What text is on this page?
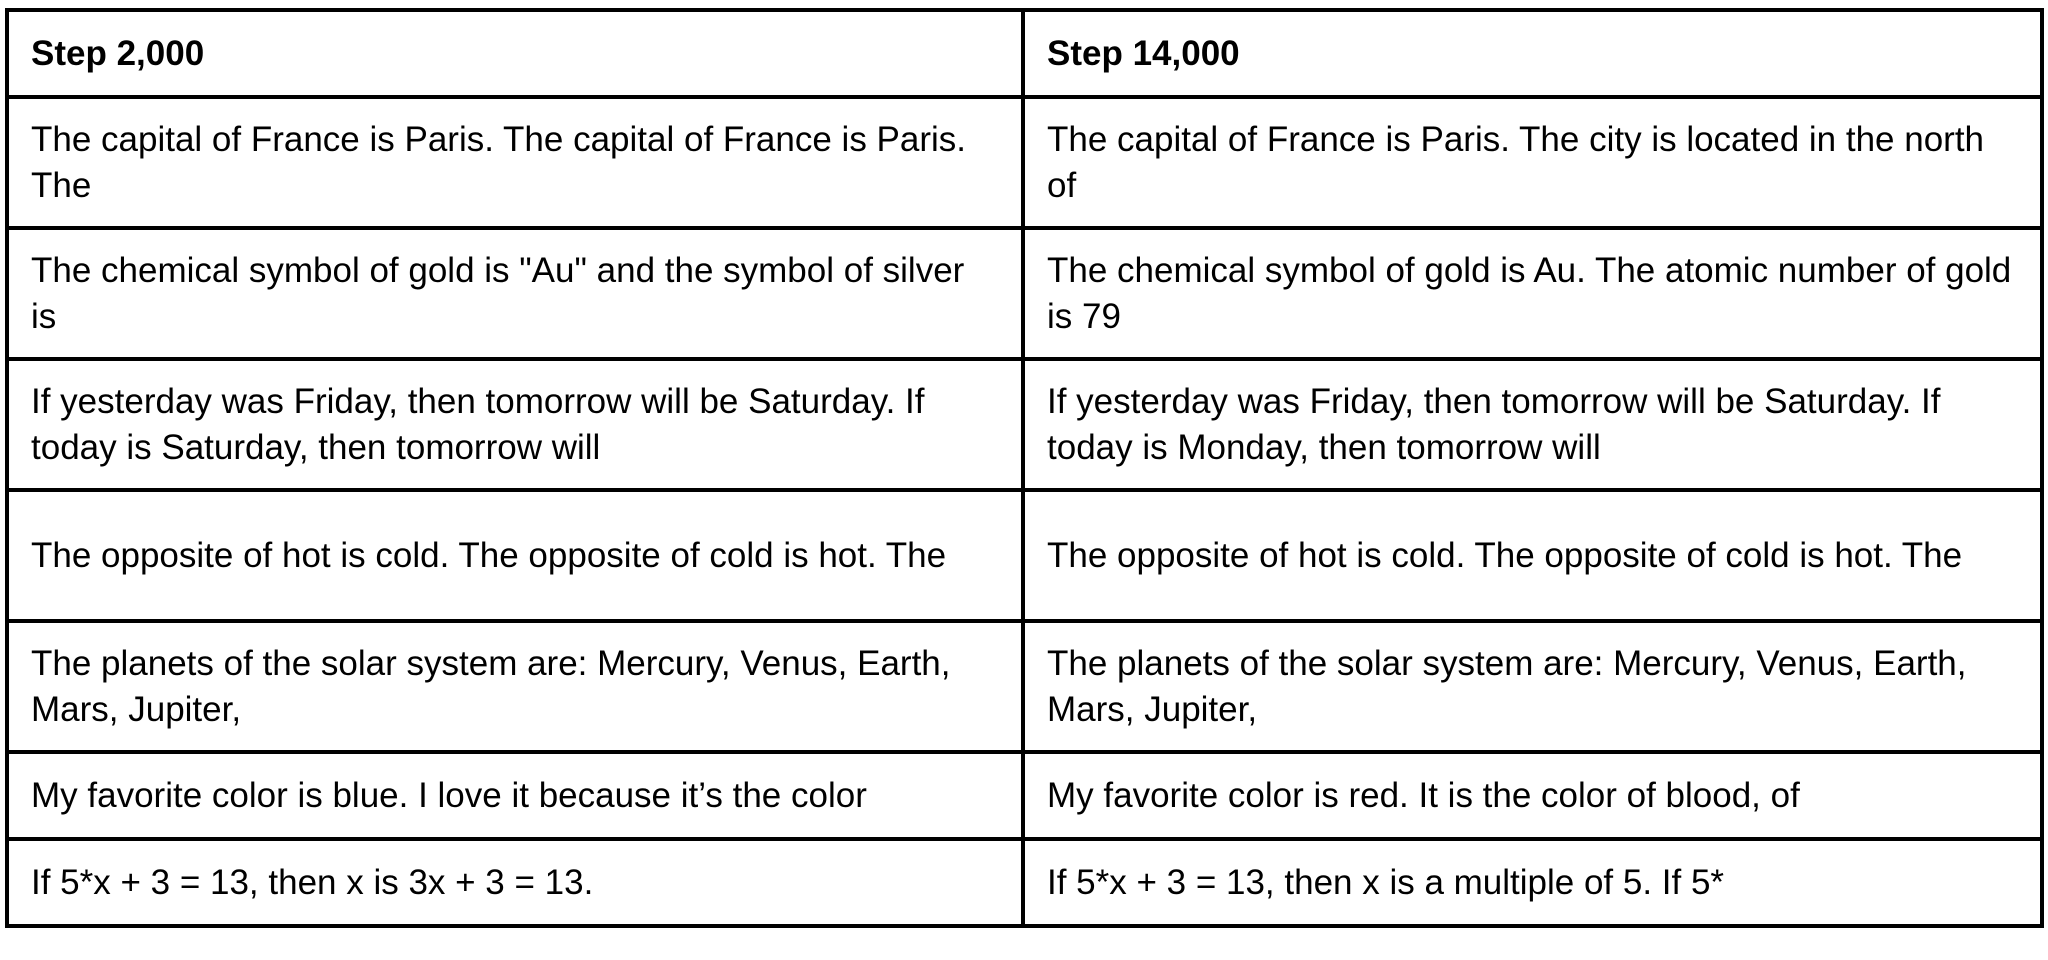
Step 2,000	Step 14,000
The capital of France is Paris. The capital of France is Paris. The	The capital of France is Paris. The city is located in the north of
The chemical symbol of gold is "Au" and the symbol of silver is	The chemical symbol of gold is Au. The atomic number of gold is 79
If yesterday was Friday, then tomorrow will be Saturday. If today is Saturday, then tomorrow will	If yesterday was Friday, then tomorrow will be Saturday. If today is Monday, then tomorrow will
The opposite of hot is cold. The opposite of cold is hot. The	The opposite of hot is cold. The opposite of cold is hot. The
The planets of the solar system are: Mercury, Venus, Earth, Mars, Jupiter,	The planets of the solar system are: Mercury, Venus, Earth, Mars, Jupiter,
My favorite color is blue. I love it because it’s the color	My favorite color is red. It is the color of blood, of
If 5*x + 3 = 13, then x is 3x + 3 = 13.	If 5*x + 3 = 13, then x is a multiple of 5. If 5*
